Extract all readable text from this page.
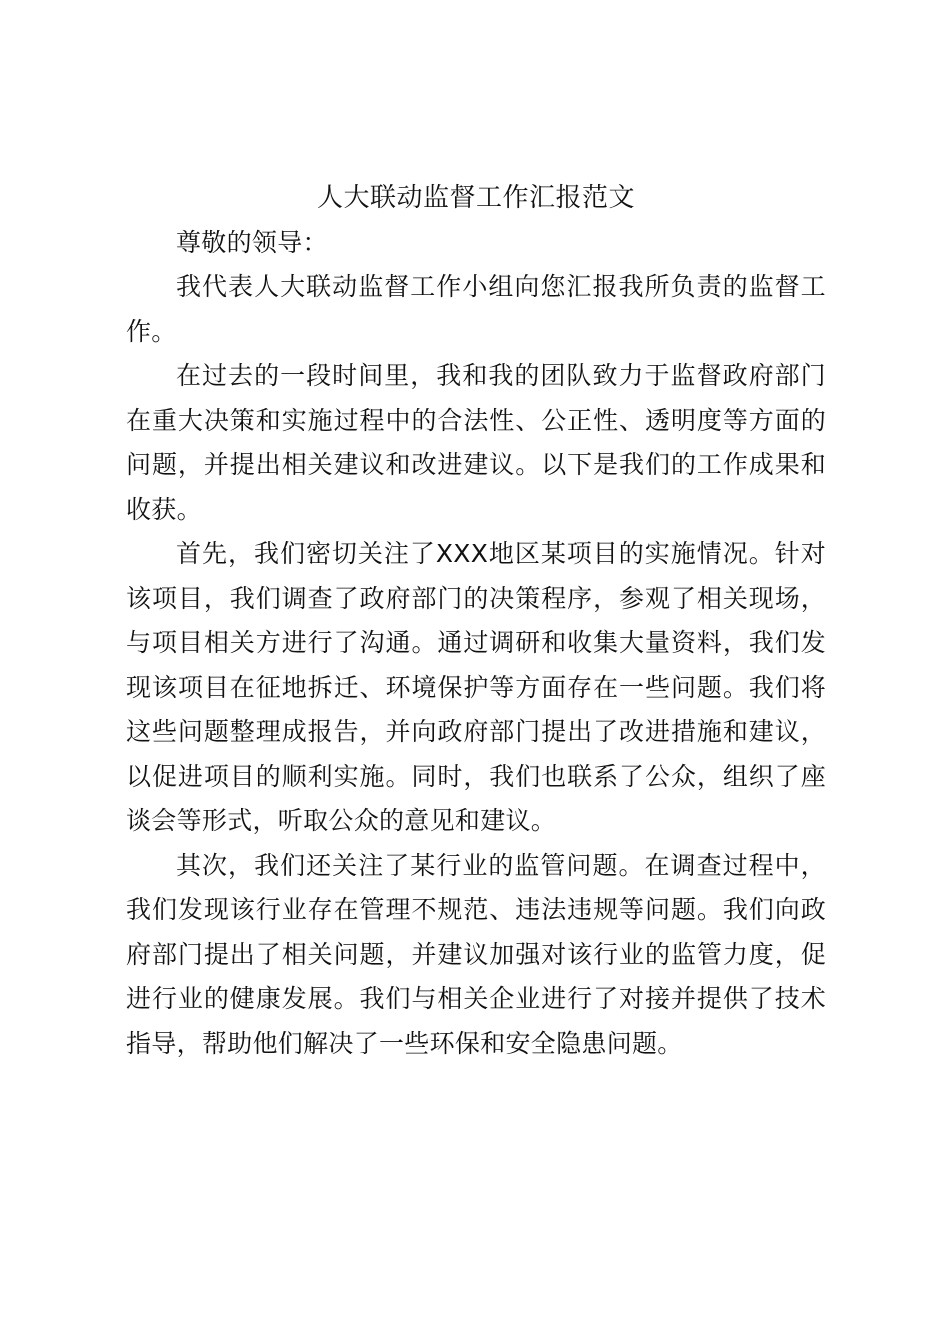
人大联动监督工作汇报范文

尊敬的领导：

我代表人大联动监督工作小组向您汇报我所负责的监督工作。

在过去的一段时间里，我和我的团队致力于监督政府部门在重大决策和实施过程中的合法性、公正性、透明度等方面的问题，并提出相关建议和改进建议。以下是我们的工作成果和收获。

首先，我们密切关注了XXX地区某项目的实施情况。针对该项目，我们调查了政府部门的决策程序，参观了相关现场，与项目相关方进行了沟通。通过调研和收集大量资料，我们发现该项目在征地拆迁、环境保护等方面存在一些问题。我们将这些问题整理成报告，并向政府部门提出了改进措施和建议，以促进项目的顺利实施。同时，我们也联系了公众，组织了座谈会等形式，听取公众的意见和建议。

其次，我们还关注了某行业的监管问题。在调查过程中，我们发现该行业存在管理不规范、违法违规等问题。我们向政府部门提出了相关问题，并建议加强对该行业的监管力度，促进行业的健康发展。我们与相关企业进行了对接并提供了技术指导，帮助他们解决了一些环保和安全隐患问题。
